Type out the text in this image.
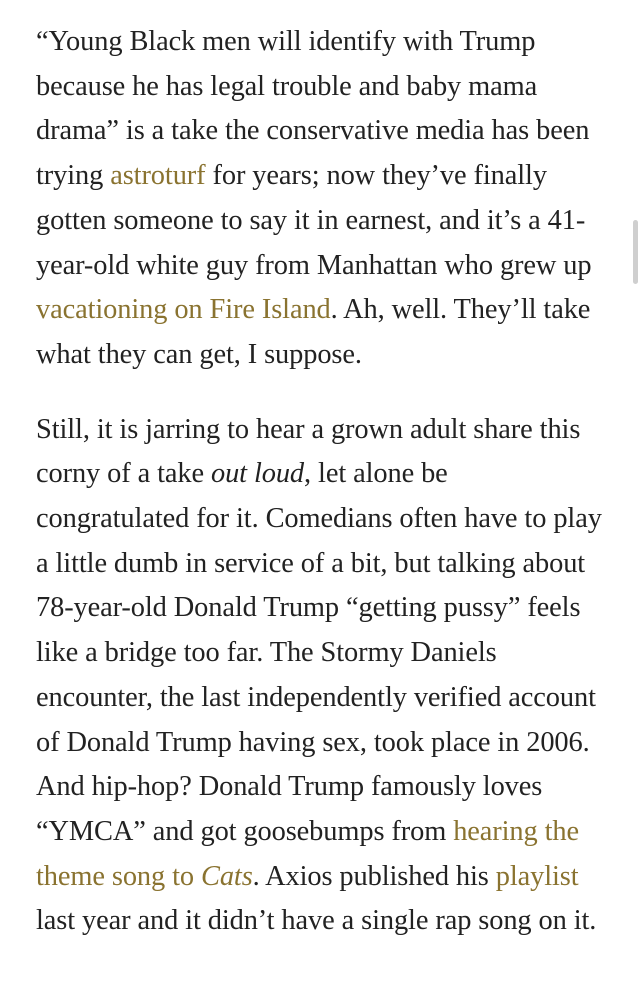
“Young Black men will identify with Trump because he has legal trouble and baby mama drama” is a take the conservative media has been trying astroturf for years; now they’ve finally gotten someone to say it in earnest, and it’s a 41-year-old white guy from Manhattan who grew up vacationing on Fire Island. Ah, well. They’ll take what they can get, I suppose.

Still, it is jarring to hear a grown adult share this corny of a take out loud, let alone be congratulated for it. Comedians often have to play a little dumb in service of a bit, but talking about 78-year-old Donald Trump “getting pussy” feels like a bridge too far. The Stormy Daniels encounter, the last independently verified account of Donald Trump having sex, took place in 2006. And hip-hop? Donald Trump famously loves “YMCA” and got goosebumps from hearing the theme song to Cats. Axios published his playlist last year and it didn’t have a single rap song on it.
